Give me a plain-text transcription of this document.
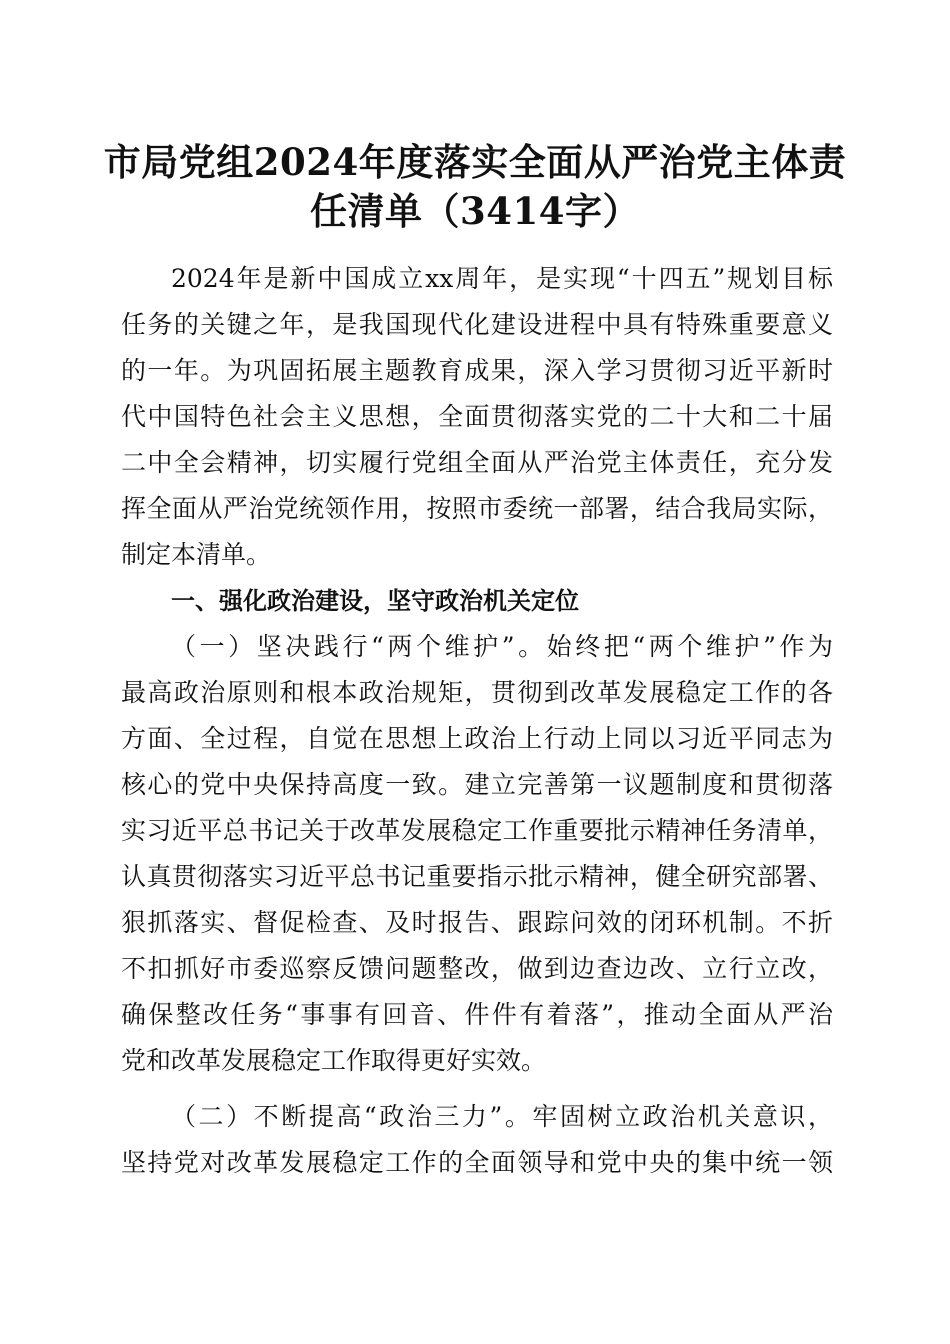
市局党组2024年度落实全面从严治党主体责
任清单（3414字）
2024年是新中国成立xx周年，是实现“十四五”规划目标
任务的关键之年，是我国现代化建设进程中具有特殊重要意义
的一年。为巩固拓展主题教育成果，深入学习贯彻习近平新时
代中国特色社会主义思想，全面贯彻落实党的二十大和二十届
二中全会精神，切实履行党组全面从严治党主体责任，充分发
挥全面从严治党统领作用，按照市委统一部署，结合我局实际，
制定本清单。
一、强化政治建设，坚守政治机关定位
（一）坚决践行“两个维护”。始终把“两个维护”作为
最高政治原则和根本政治规矩，贯彻到改革发展稳定工作的各
方面、全过程，自觉在思想上政治上行动上同以习近平同志为
核心的党中央保持高度一致。建立完善第一议题制度和贯彻落
实习近平总书记关于改革发展稳定工作重要批示精神任务清单，
认真贯彻落实习近平总书记重要指示批示精神，健全研究部署、
狠抓落实、督促检查、及时报告、跟踪问效的闭环机制。不折
不扣抓好市委巡察反馈问题整改，做到边查边改、立行立改，
确保整改任务“事事有回音、件件有着落”，推动全面从严治
党和改革发展稳定工作取得更好实效。
（二）不断提高“政治三力”。牢固树立政治机关意识，
坚持党对改革发展稳定工作的全面领导和党中央的集中统一领
